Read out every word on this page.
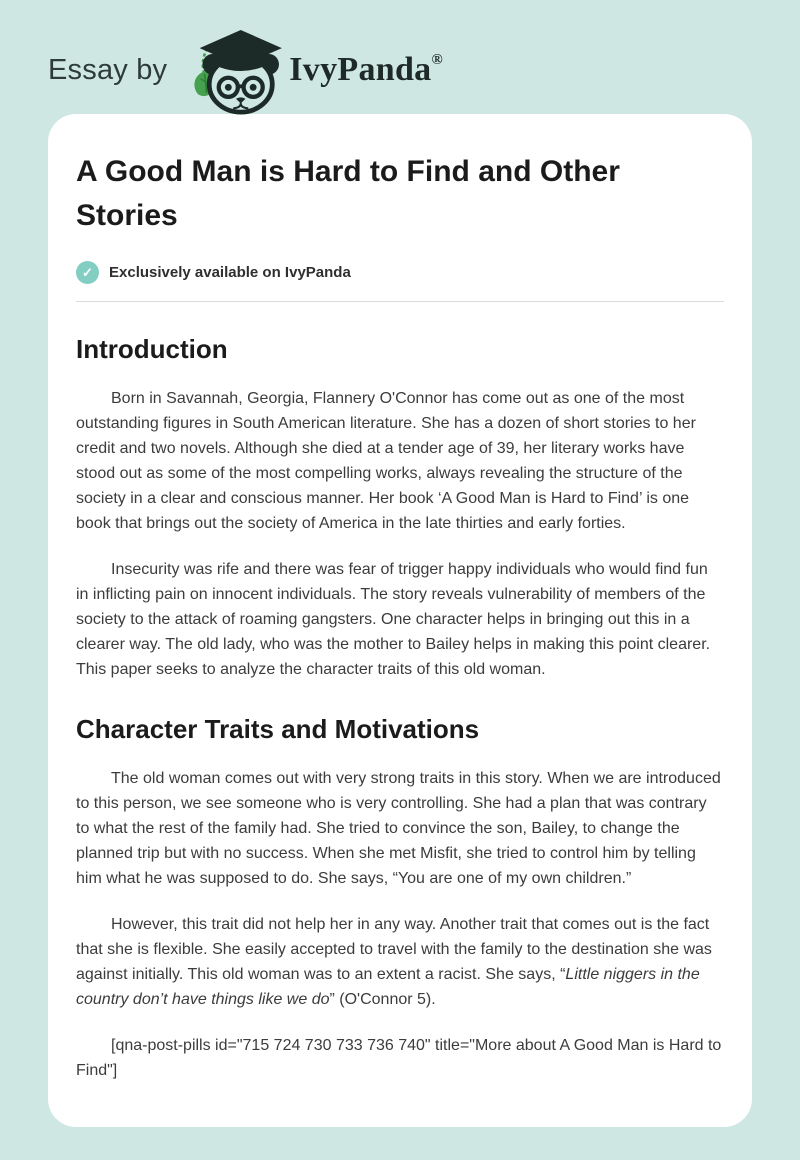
Essay by	IvyPanda®
A Good Man is Hard to Find and Other Stories
✓	Exclusively available on IvyPanda
Introduction

Born in Savannah, Georgia, Flannery O'Connor has come out as one of the most outstanding figures in South American literature. She has a dozen of short stories to her credit and two novels. Although she died at a tender age of 39, her literary works have stood out as some of the most compelling works, always revealing the structure of the society in a clear and conscious manner. Her book ‘A Good Man is Hard to Find’ is one book that brings out the society of America in the late thirties and early forties.

Insecurity was rife and there was fear of trigger happy individuals who would find fun in inflicting pain on innocent individuals. The story reveals vulnerability of members of the society to the attack of roaming gangsters. One character helps in bringing out this in a clearer way. The old lady, who was the mother to Bailey helps in making this point clearer. This paper seeks to analyze the character traits of this old woman.

Character Traits and Motivations

The old woman comes out with very strong traits in this story. When we are introduced to this person, we see someone who is very controlling. She had a plan that was contrary to what the rest of the family had. She tried to convince the son, Bailey, to change the planned trip but with no success. When she met Misfit, she tried to control him by telling him what he was supposed to do. She says, “You are one of my own children.”

However, this trait did not help her in any way. Another trait that comes out is the fact that she is flexible. She easily accepted to travel with the family to the destination she was against initially. This old woman was to an extent a racist. She says, “Little niggers in the country don’t have things like we do” (O'Connor 5).

[qna-post-pills id="715 724 730 733 736 740" title="More about A Good Man is Hard to Find"]
